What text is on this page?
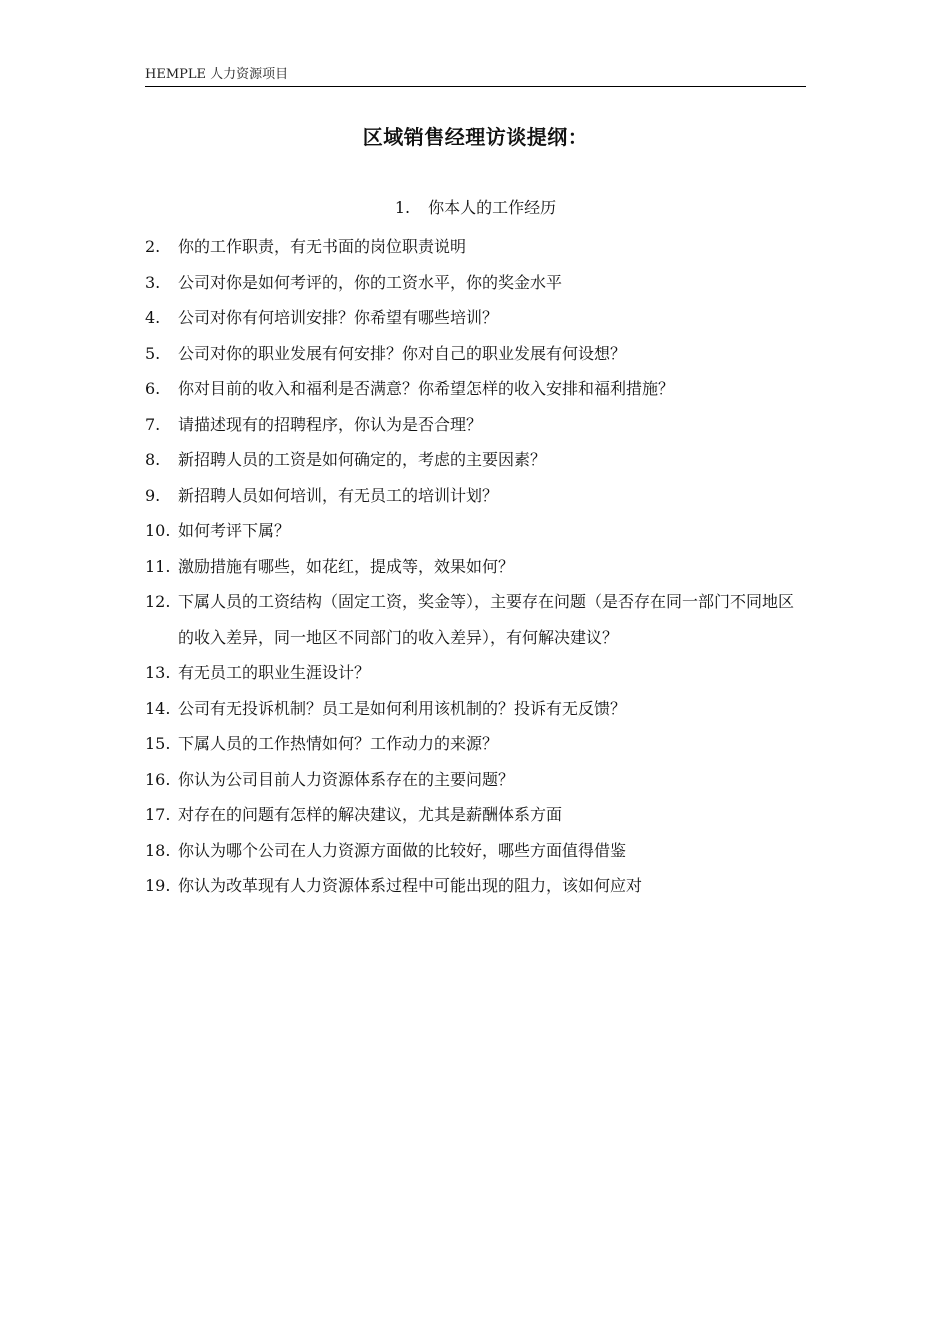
HEMPLE 人力资源项目
区域销售经理访谈提纲：
1. 你本人的工作经历
2. 你的工作职责，有无书面的岗位职责说明
3. 公司对你是如何考评的，你的工资水平，你的奖金水平
4. 公司对你有何培训安排？你希望有哪些培训？
5. 公司对你的职业发展有何安排？你对自己的职业发展有何设想？
6. 你对目前的收入和福利是否满意？你希望怎样的收入安排和福利措施？
7. 请描述现有的招聘程序，你认为是否合理？
8. 新招聘人员的工资是如何确定的，考虑的主要因素？
9. 新招聘人员如何培训，有无员工的培训计划？
10. 如何考评下属？
11. 激励措施有哪些，如花红，提成等，效果如何？
12. 下属人员的工资结构（固定工资，奖金等），主要存在问题（是否存在同一部门不同地区的收入差异，同一地区不同部门的收入差异），有何解决建议？
13. 有无员工的职业生涯设计？
14. 公司有无投诉机制？员工是如何利用该机制的？投诉有无反馈？
15. 下属人员的工作热情如何？工作动力的来源？
16. 你认为公司目前人力资源体系存在的主要问题？
17. 对存在的问题有怎样的解决建议，尤其是薪酬体系方面
18. 你认为哪个公司在人力资源方面做的比较好，哪些方面值得借鉴
19. 你认为改革现有人力资源体系过程中可能出现的阻力，该如何应对
